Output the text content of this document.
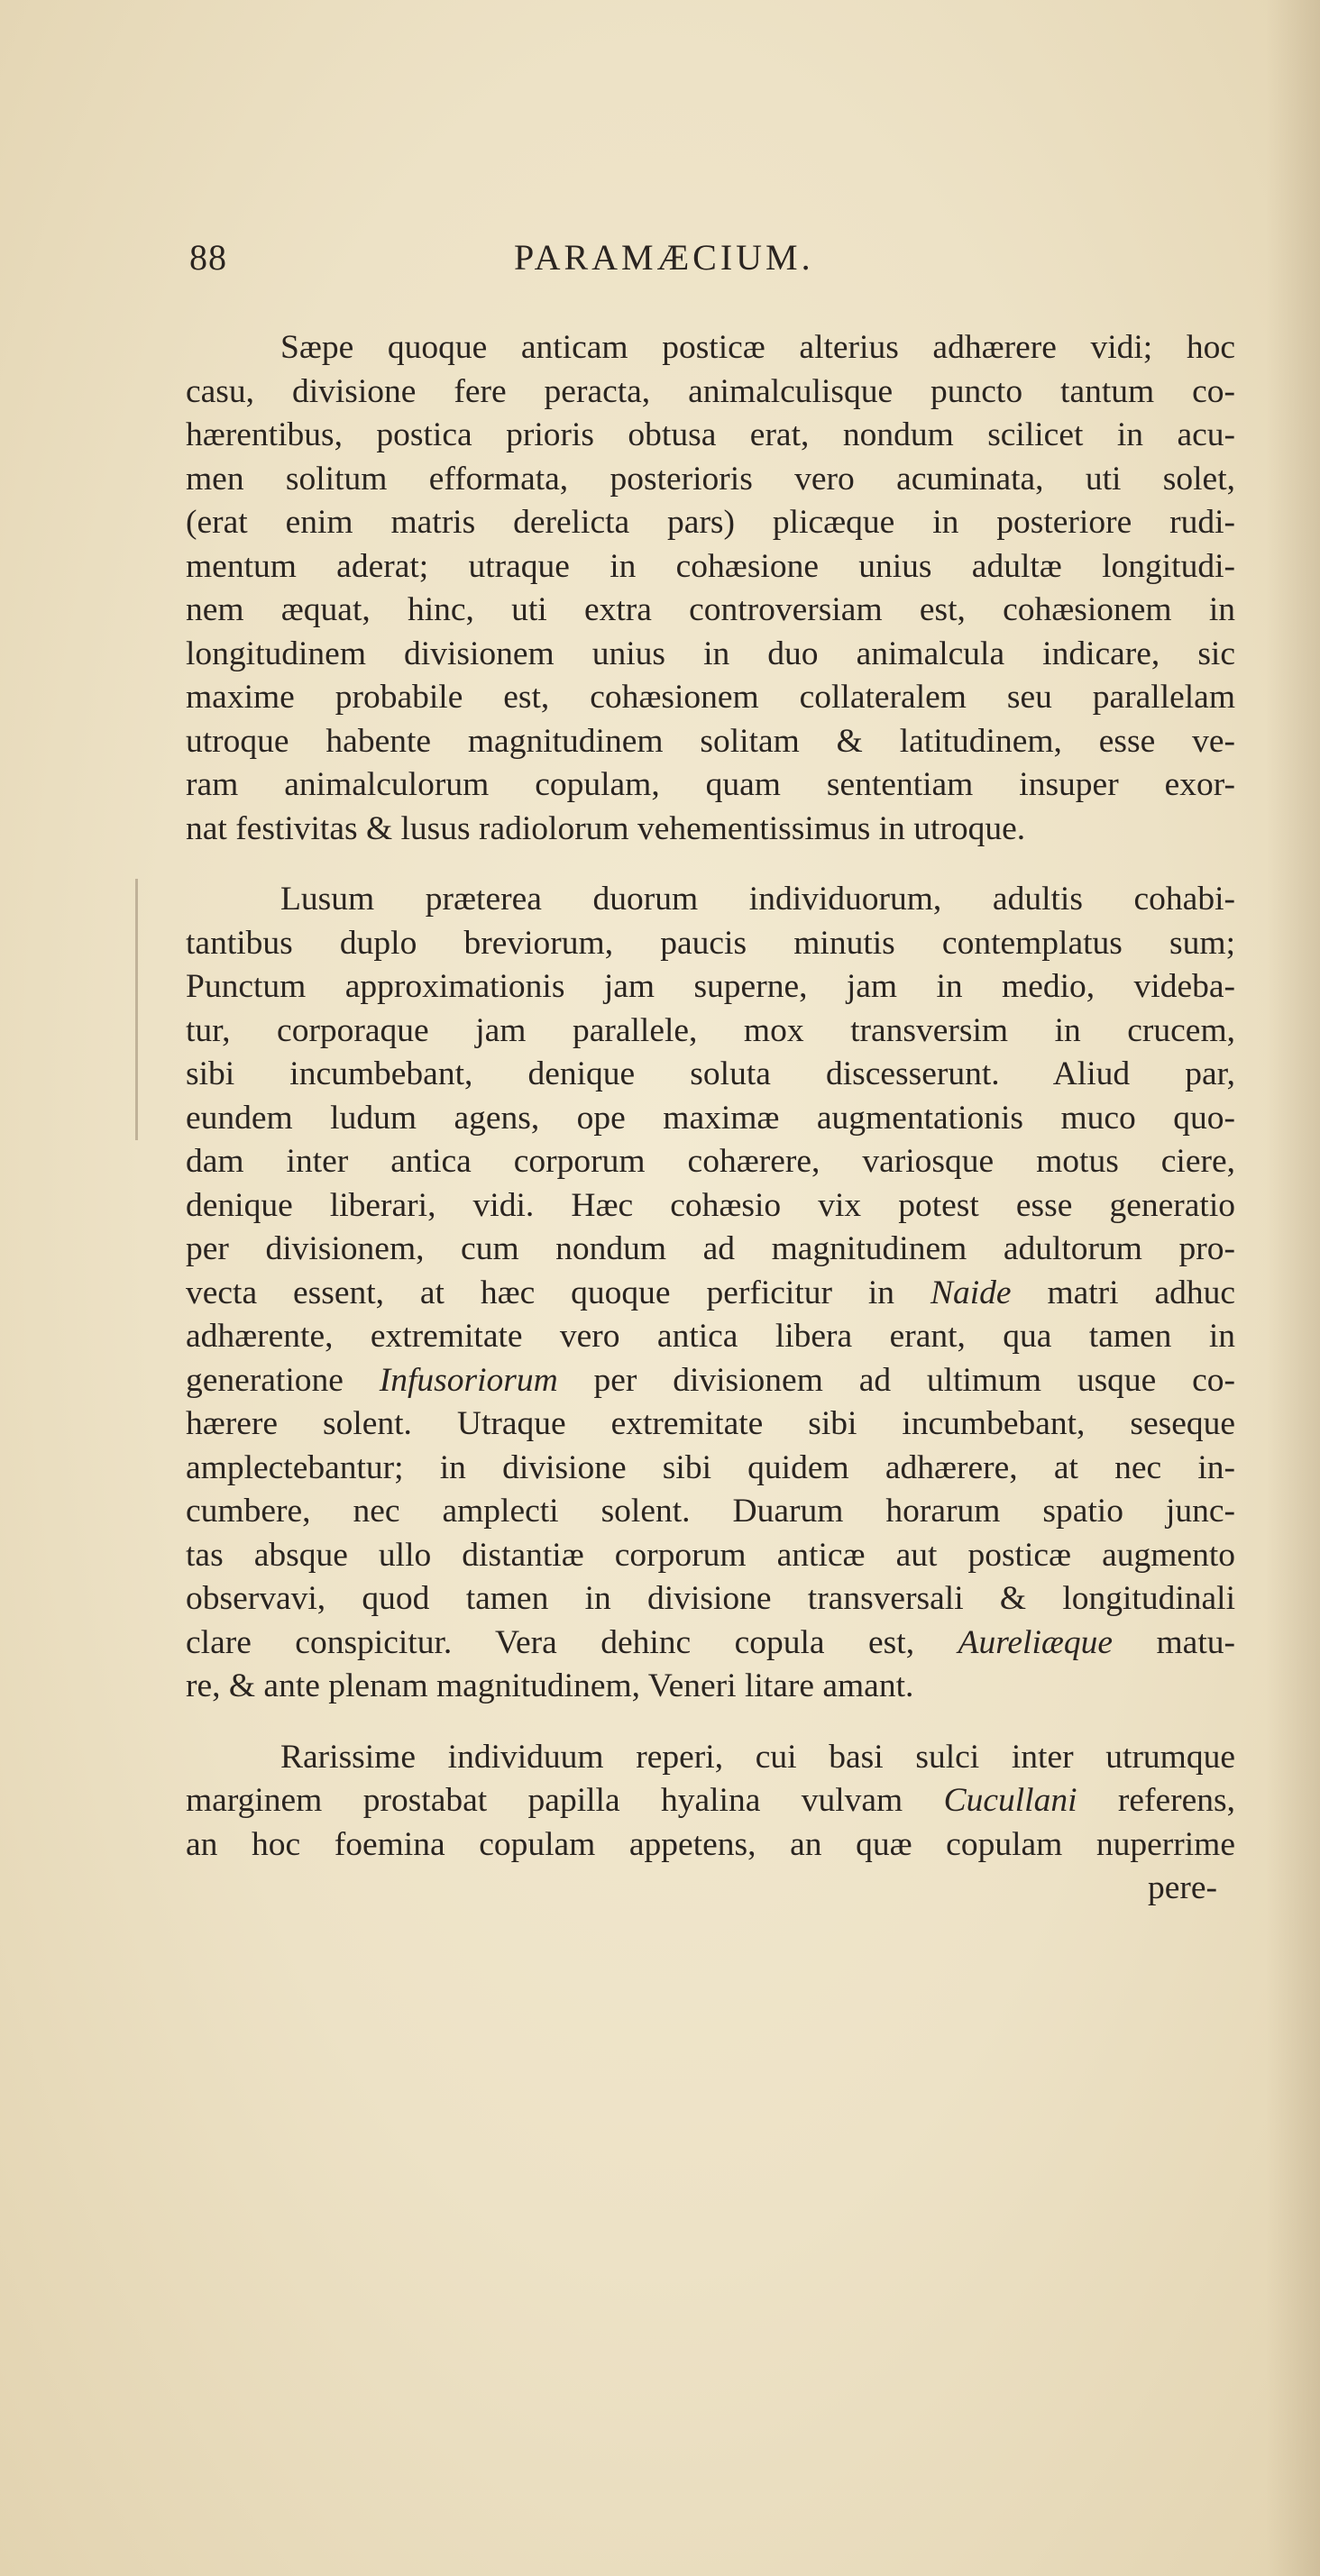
88	PARAMÆCIUM.

Sæpe quoque anticam posticæ alterius adhærere vidi; hoc
casu, divisione fere peracta, animalculisque puncto tantum co-
hærentibus, postica prioris obtusa erat, nondum scilicet in acu-
men solitum efformata, posterioris vero acuminata, uti solet,
(erat enim matris derelicta pars) plicæque in posteriore rudi-
mentum aderat; utraque in cohæsione unius adultæ longitudi-
nem æquat, hinc, uti extra controversiam est, cohæsionem in
longitudinem divisionem unius in duo animalcula indicare, sic
maxime probabile est, cohæsionem collateralem seu parallelam
utroque habente magnitudinem solitam & latitudinem, esse ve-
ram animalculorum copulam, quam sententiam insuper exor-
nat festivitas & lusus radiolorum vehementissimus in utroque.

Lusum præterea duorum individuorum, adultis cohabi-
tantibus duplo breviorum, paucis minutis contemplatus sum;
Punctum approximationis jam superne, jam in medio, videba-
tur, corporaque jam parallele, mox transversim in crucem,
sibi incumbebant, denique soluta discesserunt. Aliud par,
eundem ludum agens, ope maximæ augmentationis muco quo-
dam inter antica corporum cohærere, variosque motus ciere,
denique liberari, vidi. Hæc cohæsio vix potest esse generatio
per divisionem, cum nondum ad magnitudinem adultorum pro-
vecta essent, at hæc quoque perficitur in Naide matri adhuc
adhærente, extremitate vero antica libera erant, qua tamen in
generatione Infusoriorum per divisionem ad ultimum usque co-
hærere solent. Utraque extremitate sibi incumbebant, seseque
amplectebantur; in divisione sibi quidem adhærere, at nec in-
cumbere, nec amplecti solent. Duarum horarum spatio junc-
tas absque ullo distantiæ corporum anticæ aut posticæ augmento
observavi, quod tamen in divisione transversali & longitudinali
clare conspicitur. Vera dehinc copula est, Aureliæque matu-
re, & ante plenam magnitudinem, Veneri litare amant.

Rarissime individuum reperi, cui basi sulci inter utrumque
marginem prostabat papilla hyalina vulvam Cucullani referens,
an hoc foemina copulam appetens, an quæ copulam nuperrime
pere-
